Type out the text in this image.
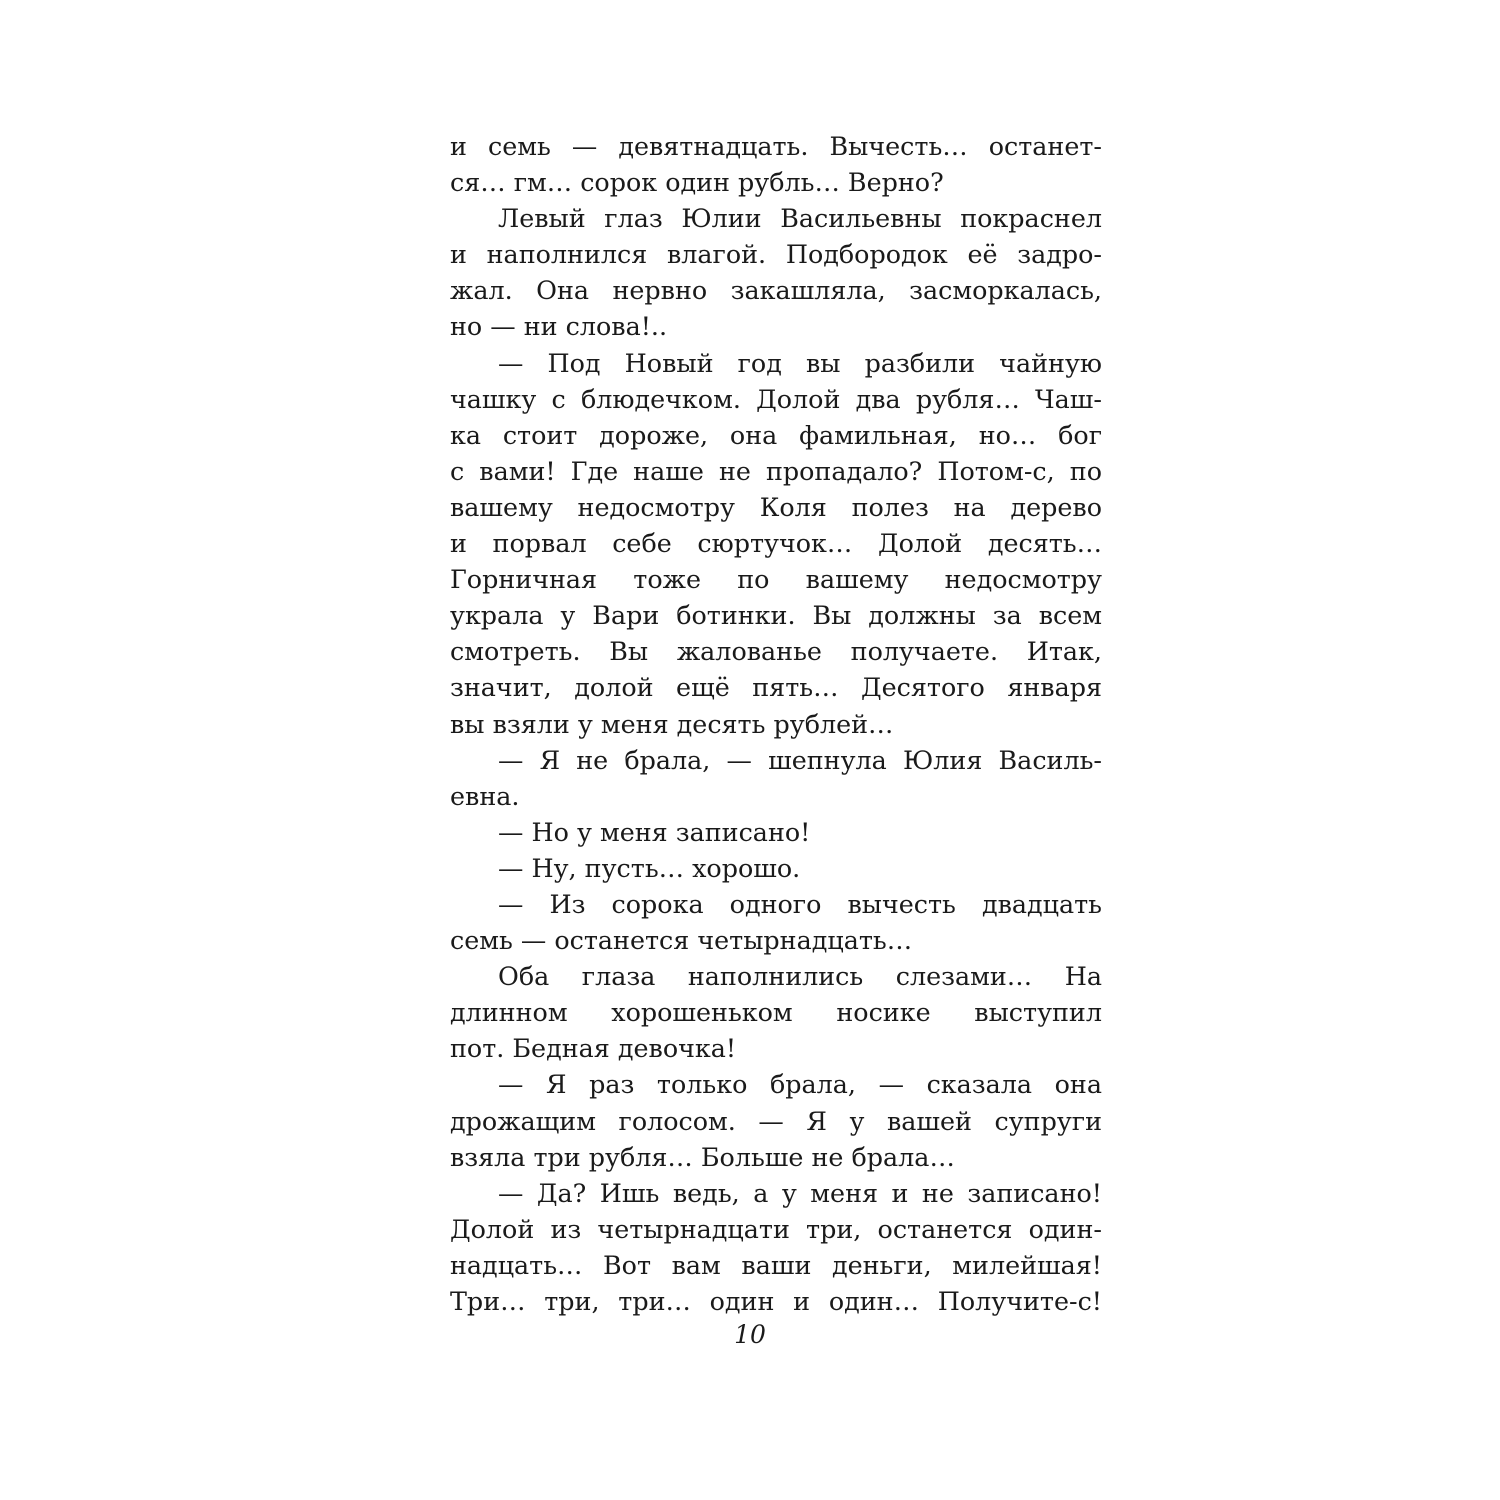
и семь — девятнадцать. Вычесть… останет-
ся… гм… сорок один рубль… Верно?
Левый глаз Юлии Васильевны покраснел
и наполнился влагой. Подбородок её задро-
жал. Она нервно закашляла, засморкалась,
но — ни слова!..
— Под Новый год вы разбили чайную
чашку с блюдечком. Долой два рубля… Чаш-
ка стоит дороже, она фамильная, но… бог
с вами! Где наше не пропадало? Потом-с, по
вашему недосмотру Коля полез на дерево
и порвал себе сюртучок… Долой десять…
Горничная тоже по вашему недосмотру
украла у Вари ботинки. Вы должны за всем
смотреть. Вы жалованье получаете. Итак,
значит, долой ещё пять… Десятого января
вы взяли у меня десять рублей…
— Я не брала, — шепнула Юлия Василь-
евна.
— Но у меня записано!
— Ну, пусть… хорошо.
— Из сорока одного вычесть двадцать
семь — останется четырнадцать…
Оба глаза наполнились слезами… На
длинном хорошеньком носике выступил
пот. Бедная девочка!
— Я раз только брала, — сказала она
дрожащим голосом. — Я у вашей супруги
взяла три рубля… Больше не брала…
— Да? Ишь ведь, а у меня и не записано!
Долой из четырнадцати три, останется один-
надцать… Вот вам ваши деньги, милейшая!
Три… три, три… один и один… Получите-с!
10
